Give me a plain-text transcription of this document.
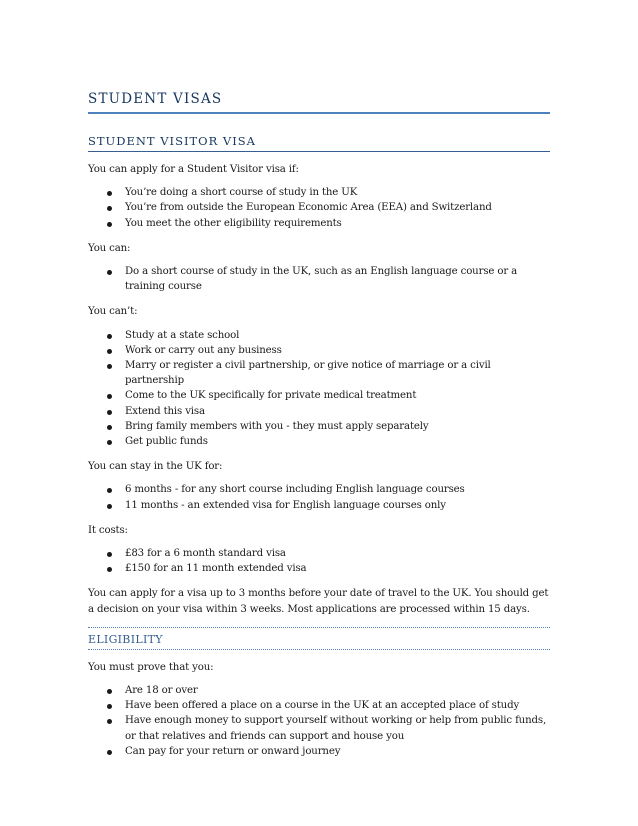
STUDENT VISAS
STUDENT VISITOR VISA

You can apply for a Student Visitor visa if:

You’re doing a short course of study in the UK
You’re from outside the European Economic Area (EEA) and Switzerland
You meet the other eligibility requirements

You can:

Do a short course of study in the UK, such as an English language course or a training course

You can’t:

Study at a state school
Work or carry out any business
Marry or register a civil partnership, or give notice of marriage or a civil partnership
Come to the UK specifically for private medical treatment
Extend this visa
Bring family members with you - they must apply separately
Get public funds

You can stay in the UK for:

6 months - for any short course including English language courses
11 months - an extended visa for English language courses only

It costs:

£83 for a 6 month standard visa
£150 for an 11 month extended visa

You can apply for a visa up to 3 months before your date of travel to the UK. You should get a decision on your visa within 3 weeks. Most applications are processed within 15 days.

ELIGIBILITY

You must prove that you:

Are 18 or over
Have been offered a place on a course in the UK at an accepted place of study
Have enough money to support yourself without working or help from public funds, or that relatives and friends can support and house you
Can pay for your return or onward journey
